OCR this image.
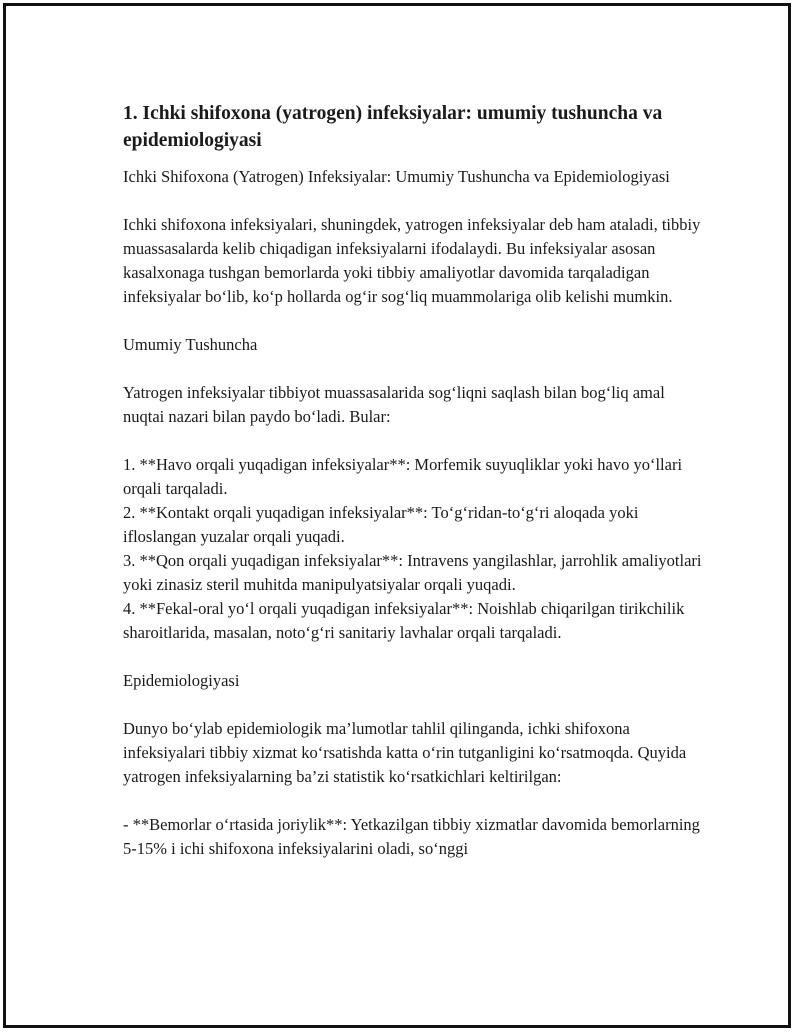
1. Ichki shifoxona (yatrogen) infeksiyalar: umumiy tushuncha va epidemiologiyasi

Ichki Shifoxona (Yatrogen) Infeksiyalar: Umumiy Tushuncha va Epidemiologiyasi

Ichki shifoxona infeksiyalari, shuningdek, yatrogen infeksiyalar deb ham ataladi, tibbiy muassasalarda kelib chiqadigan infeksiyalarni ifodalaydi. Bu infeksiyalar asosan kasalxonaga tushgan bemorlarda yoki tibbiy amaliyotlar davomida tarqaladigan infeksiyalar bo‘lib, ko‘p hollarda og‘ir sog‘liq muammolariga olib kelishi mumkin.

Umumiy Tushuncha

Yatrogen infeksiyalar tibbiyot muassasalarida sog‘liqni saqlash bilan bog‘liq amal nuqtai nazari bilan paydo bo‘ladi. Bular:

1. **Havo orqali yuqadigan infeksiyalar**: Morfemik suyuqliklar yoki havo yo‘llari orqali tarqaladi.

2. **Kontakt orqali yuqadigan infeksiyalar**: To‘g‘ridan-to‘g‘ri aloqada yoki ifloslangan yuzalar orqali yuqadi.

3. **Qon orqali yuqadigan infeksiyalar**: Intravens yangilashlar, jarrohlik amaliyotlari yoki zinasiz steril muhitda manipulyatsiyalar orqali yuqadi.

4. **Fekal-oral yo‘l orqali yuqadigan infeksiyalar**: Noishlab chiqarilgan tirikchilik sharoitlarida, masalan, noto‘g‘ri sanitariy lavhalar orqali tarqaladi.

Epidemiologiyasi

Dunyo bo‘ylab epidemiologik ma’lumotlar tahlil qilinganda, ichki shifoxona infeksiyalari tibbiy xizmat ko‘rsatishda katta o‘rin tutganligini ko‘rsatmoqda. Quyida yatrogen infeksiyalarning ba’zi statistik ko‘rsatkichlari keltirilgan:

- **Bemorlar o‘rtasida joriylik**: Yetkazilgan tibbiy xizmatlar davomida bemorlarning 5-15% i ichi shifoxona infeksiyalarini oladi, so‘nggi
